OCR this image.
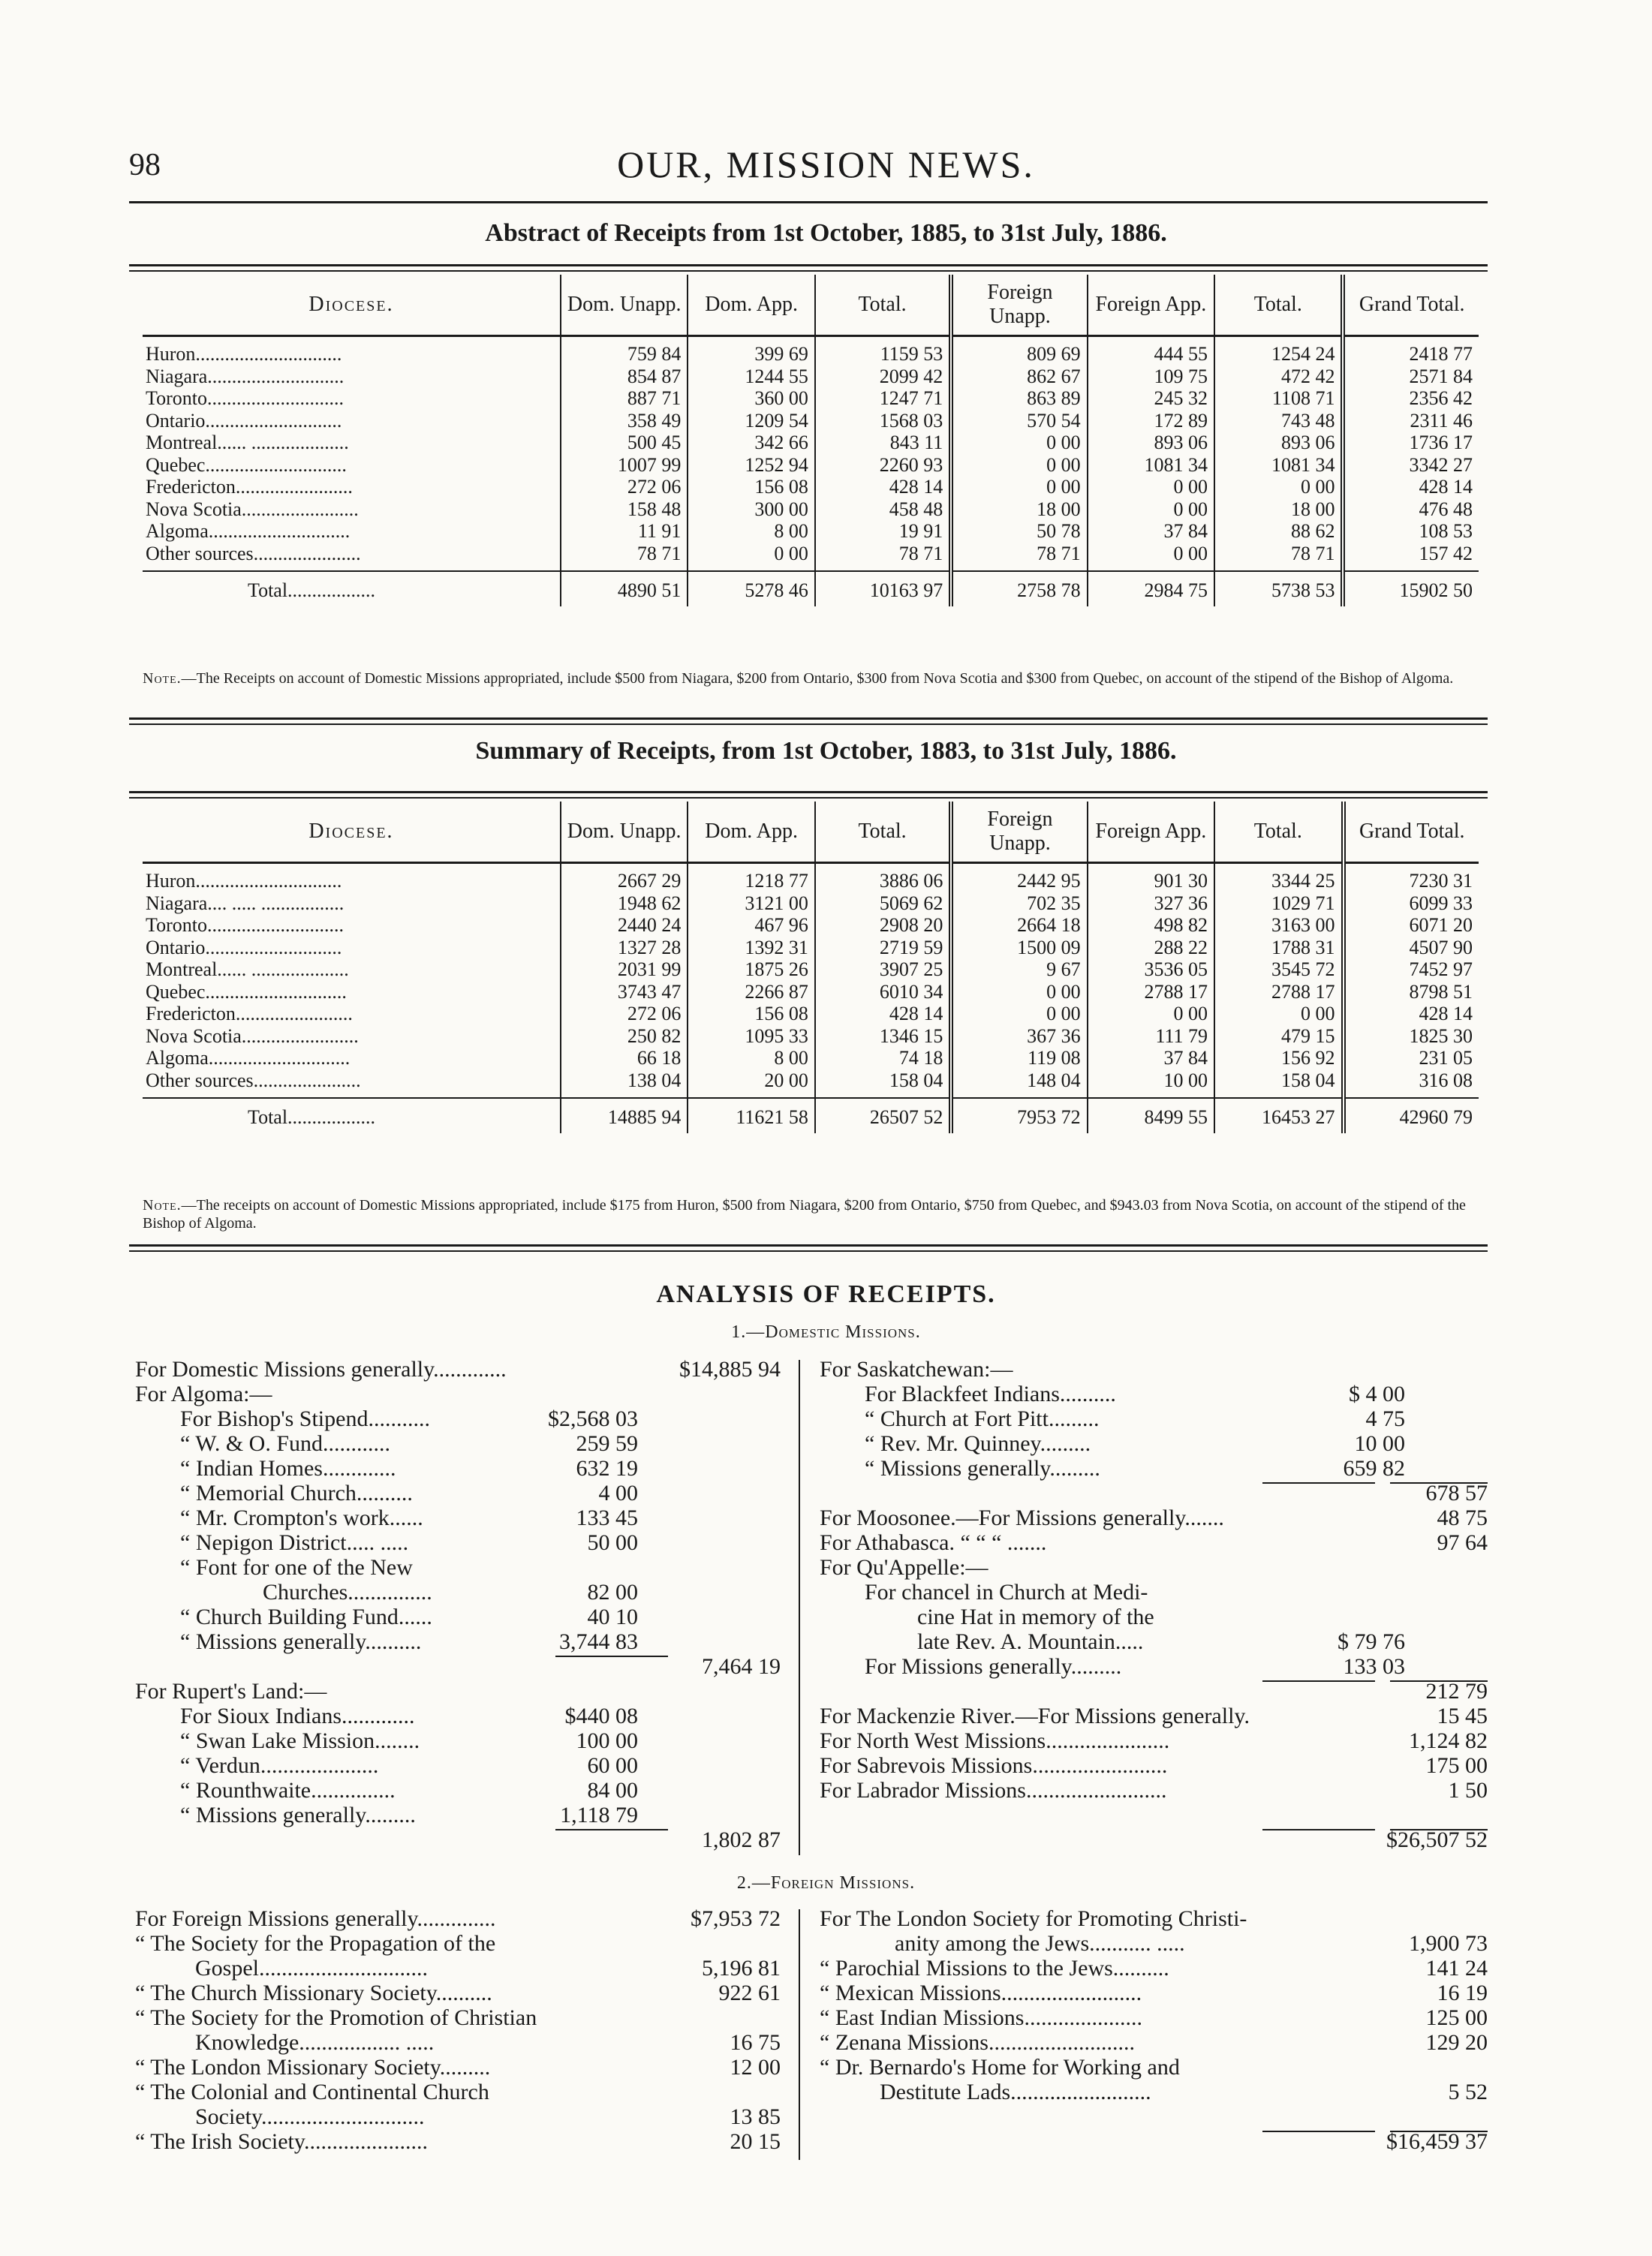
98	OUR, MISSION NEWS.
Abstract of Receipts from 1st October, 1885, to 31st July, 1886.
Diocese.	Dom. Unapp.	Dom. App.	Total.	Foreign Unapp.	Foreign App.	Total.	Grand Total.
Huron..............................	759 84	399 69	1159 53	809 69	444 55	1254 24	2418 77
Niagara............................	854 87	1244 55	2099 42	862 67	109 75	472 42	2571 84
Toronto............................	887 71	360 00	1247 71	863 89	245 32	1108 71	2356 42
Ontario............................	358 49	1209 54	1568 03	570 54	172 89	743 48	2311 46
Montreal...... ....................	500 45	342 66	843 11	0 00	893 06	893 06	1736 17
Quebec.............................	1007 99	1252 94	2260 93	0 00	1081 34	1081 34	3342 27
Fredericton........................	272 06	156 08	428 14	0 00	0 00	0 00	428 14
Nova Scotia........................	158 48	300 00	458 48	18 00	0 00	18 00	476 48
Algoma.............................	11 91	8 00	19 91	50 78	37 84	88 62	108 53
Other sources......................	78 71	0 00	78 71	78 71	0 00	78 71	157 42
Total..................	4890 51	5278 46	10163 97	2758 78	2984 75	5738 53	15902 50
Note.—The Receipts on account of Domestic Missions appropriated, include $500 from Niagara, $200 from Ontario, $300 from Nova Scotia and $300 from Quebec, on account of the stipend of the Bishop of Algoma.
Summary of Receipts, from 1st October, 1883, to 31st July, 1886.
Diocese.	Dom. Unapp.	Dom. App.	Total.	Foreign Unapp.	Foreign App.	Total.	Grand Total.
Huron..............................	2667 29	1218 77	3886 06	2442 95	901 30	3344 25	7230 31
Niagara.... ..... .................	1948 62	3121 00	5069 62	702 35	327 36	1029 71	6099 33
Toronto............................	2440 24	467 96	2908 20	2664 18	498 82	3163 00	6071 20
Ontario............................	1327 28	1392 31	2719 59	1500 09	288 22	1788 31	4507 90
Montreal...... ....................	2031 99	1875 26	3907 25	9 67	3536 05	3545 72	7452 97
Quebec.............................	3743 47	2266 87	6010 34	0 00	2788 17	2788 17	8798 51
Fredericton........................	272 06	156 08	428 14	0 00	0 00	0 00	428 14
Nova Scotia........................	250 82	1095 33	1346 15	367 36	111 79	479 15	1825 30
Algoma.............................	66 18	8 00	74 18	119 08	37 84	156 92	231 05
Other sources......................	138 04	20 00	158 04	148 04	10 00	158 04	316 08
Total..................	14885 94	11621 58	26507 52	7953 72	8499 55	16453 27	42960 79
Note.—The receipts on account of Domestic Missions appropriated, include $175 from Huron, $500 from Niagara, $200 from Ontario, $750 from Quebec, and $943.03 from Nova Scotia, on account of the stipend of the Bishop of Algoma.
ANALYSIS OF RECEIPTS.
1.—Domestic Missions.
For Domestic Missions generally.............	$14,885 94
For Algoma:—
For Bishop's Stipend...........	$2,568 03
“ W. & O. Fund............	259 59
“ Indian Homes.............	632 19
“ Memorial Church..........	4 00
“ Mr. Crompton's work......	133 45
“ Nepigon District..... .....	50 00
“ Font for one of the New
Churches...............	82 00
“ Church Building Fund......	40 10
“ Missions generally..........	3,744 83
7,464 19
For Rupert's Land:—
For Sioux Indians.............	$440 08
“ Swan Lake Mission........	100 00
“ Verdun.....................	60 00
“ Rounthwaite...............	84 00
“ Missions generally.........	1,118 79
1,802 87
For Saskatchewan:—
For Blackfeet Indians..........	$ 4 00
“ Church at Fort Pitt.........	4 75
“ Rev. Mr. Quinney.........	10 00
“ Missions generally.........	659 82
678 57
For Moosonee.—For Missions generally.......	48 75
For Athabasca. “ “ “ .......	97 64
For Qu'Appelle:—
For chancel in Church at Medi-
cine Hat in memory of the
late Rev. A. Mountain.....	$ 79 76
For Missions generally.........	133 03
212 79
For Mackenzie River.—For Missions generally.	15 45
For North West Missions......................	1,124 82
For Sabrevois Missions........................	175 00
For Labrador Missions.........................	1 50
$26,507 52
2.—Foreign Missions.
For Foreign Missions generally..............	$7,953 72
“ The Society for the Propagation of the
Gospel..............................	5,196 81
“ The Church Missionary Society..........	922 61
“ The Society for the Promotion of Christian
Knowledge.................. .....	16 75
“ The London Missionary Society.........	12 00
“ The Colonial and Continental Church
Society.............................	13 85
“ The Irish Society......................	20 15
For The London Society for Promoting Christi-
anity among the Jews........... .....	1,900 73
“ Parochial Missions to the Jews..........	141 24
“ Mexican Missions.........................	16 19
“ East Indian Missions.....................	125 00
“ Zenana Missions..........................	129 20
“ Dr. Bernardo's Home for Working and
Destitute Lads.........................	5 52
$16,459 37
